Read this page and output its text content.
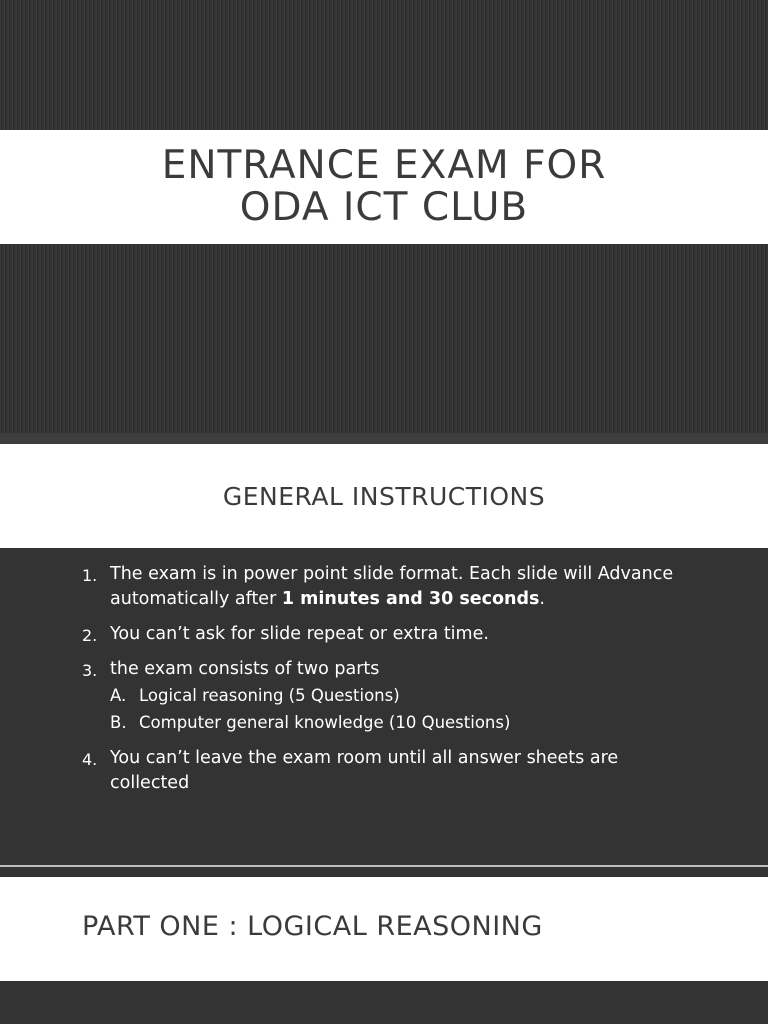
ENTRANCE EXAM FOR
ODA ICT CLUB
GENERAL INSTRUCTIONS
1. The exam is in power point slide format. Each slide will Advance automatically after 1 minutes and 30 seconds.
2. You can’t ask for slide repeat or extra time.
3. the exam consists of two parts
A. Logical reasoning (5 Questions)
B. Computer general knowledge (10 Questions)
4. You can’t leave the exam room until all answer sheets are collected
PART ONE : LOGICAL REASONING
